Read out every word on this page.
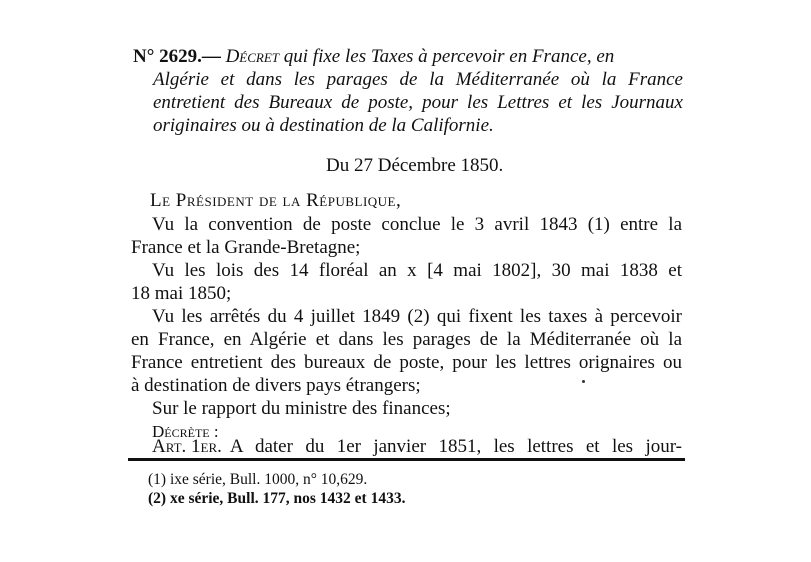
N° 2629.— Décret qui fixe les Taxes à percevoir en France, en
Algérie et dans les parages de la Méditerranée où la France
entretient des Bureaux de poste, pour les Lettres et les Journaux
originaires ou à destination de la Californie.
Du 27 Décembre 1850.
Le Président de la République,
Vu la convention de poste conclue le 3 avril 1843 (1) entre la
France et la Grande-Bretagne;
Vu les lois des 14 floréal an x [4 mai 1802], 30 mai 1838 et
18 mai 1850;
Vu les arrêtés du 4 juillet 1849 (2) qui fixent les taxes à percevoir
en France, en Algérie et dans les parages de la Méditerranée où la
France entretient des bureaux de poste, pour les lettres orignaires ou
à destination de divers pays étrangers;
Sur le rapport du ministre des finances;
Décrète :
Art. 1er. A dater du 1er janvier 1851, les lettres et les jour-
(1) ixe série, Bull. 1000, n° 10,629.
(2) xe série, Bull. 177, nos 1432 et 1433.
